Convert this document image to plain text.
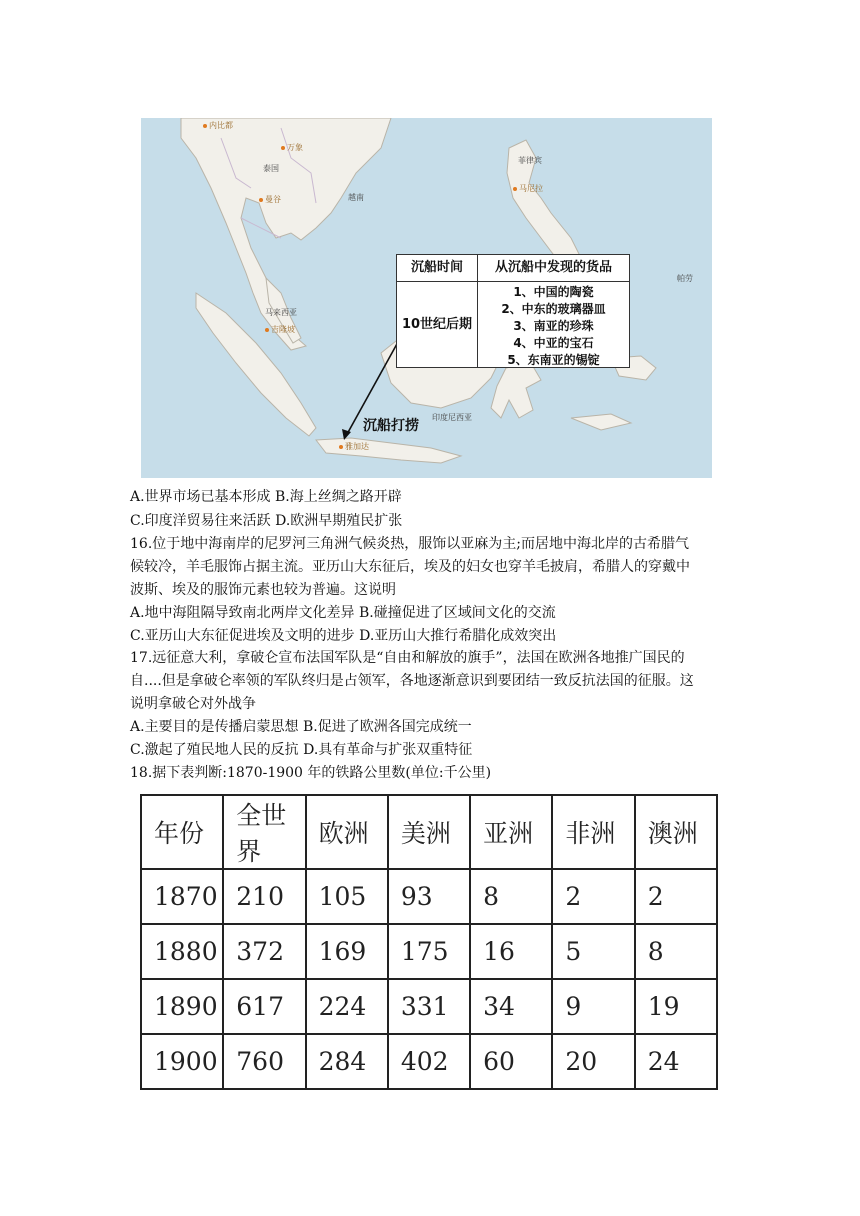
内比都
万象
泰国
曼谷	越南
菲律宾
马尼拉
帕劳
马来西亚
吉隆坡
印度尼西亚
雅加达
沉船时间	从沉船中发现的货品
10世纪后期
1、中国的陶瓷
2、中东的玻璃器皿
3、南亚的珍珠
4、中亚的宝石
5、东南亚的锡锭
沉船打捞
A.世界市场已基本形成 B.海上丝绸之路开辟
C.印度洋贸易往来活跃 D.欧洲早期殖民扩张
16.位于地中海南岸的尼罗河三角洲气候炎热，服饰以亚麻为主;而居地中海北岸的古希腊气
候较冷，羊毛服饰占据主流。亚历山大东征后，埃及的妇女也穿羊毛披肩，希腊人的穿戴中
波斯、埃及的服饰元素也较为普遍。这说明
A.地中海阻隔导致南北两岸文化差异 B.碰撞促进了区域间文化的交流
C.亚历山大东征促进埃及文明的进步 D.亚历山大推行希腊化成效突出
17.远征意大利，拿破仑宣布法国军队是“自由和解放的旗手”，法国在欧洲各地推广国民的
自....但是拿破仑率领的军队终归是占领军，各地逐渐意识到要团结一致反抗法国的征服。这
说明拿破仑对外战争
A.主要目的是传播启蒙思想 B.促进了欧洲各国完成统一
C.激起了殖民地人民的反抗 D.具有革命与扩张双重特征
18.据下表判断:1870-1900 年的铁路公里数(单位:千公里)
年份	全世界	欧洲	美洲	亚洲	非洲	澳洲
1870	210	105	93	8	2	2
1880	372	169	175	16	5	8
1890	617	224	331	34	9	19
1900	760	284	402	60	20	24
